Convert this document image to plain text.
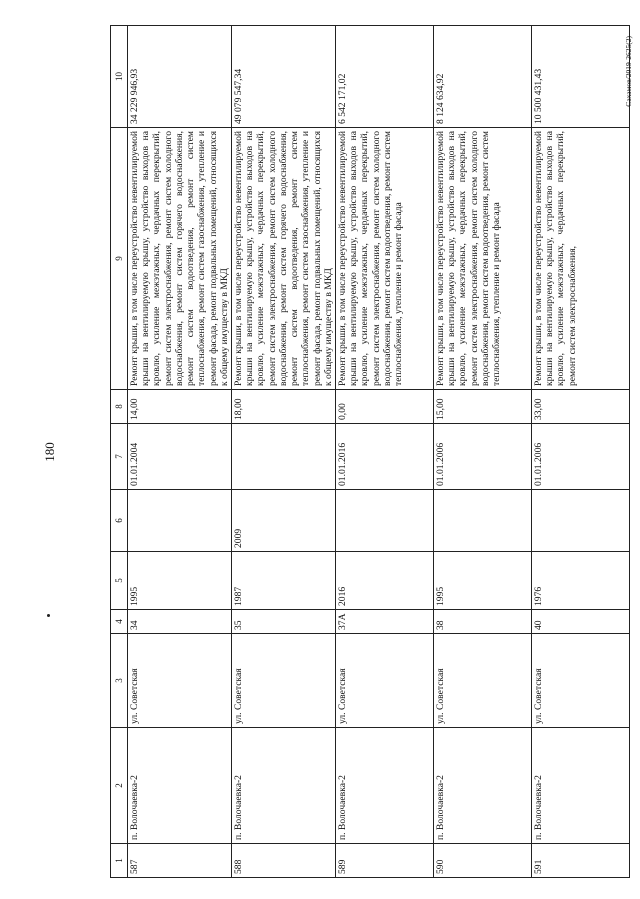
180
1	2	3	4	5	6	7	8	9	10
587	п. Волочаевка-2	ул. Советская	34	1995		01.01.2004	14,00	Ремонт крыши, в том числе переустройство невентилируемой крыши на вентилируемую крышу, устройство выходов на кровлю, усиление межэтажных, чердачных перекрытий, ремонт систем электроснабжения, ремонт систем холодного водоснабжения, ремонт систем горячего водоснабжения, ремонт систем водоотведения, ремонт систем теплоснабжения, ремонт систем газоснабжения, утепление и ремонт фасада, ремонт подвальных помещений, относящихся к общему имуществу в МКД	34 229 946,93
588	п. Волочаевка-2	ул. Советская	35	1987	2009		18,00	Ремонт крыши, в том числе переустройство невентилируемой крыши на вентилируемую крышу, устройство выходов на кровлю, усиление межэтажных, чердачных перекрытий, ремонт систем электроснабжения, ремонт систем холодного водоснабжения, ремонт систем горячего водоснабжения, ремонт систем водоотведения, ремонт систем теплоснабжения, ремонт систем газоснабжения, утепление и ремонт фасада, ремонт подвальных помещений, относящихся к общему имуществу в МКД	49 079 547,34
589	п. Волочаевка-2	ул. Советская	37А	2016		01.01.2016	0,00	Ремонт крыши, в том числе переустройство невентилируемой крыши на вентилируемую крышу, устройство выходов на кровлю, усиление межэтажных, чердачных перекрытий, ремонт систем электроснабжения, ремонт систем холодного водоснабжения, ремонт систем водоотведения, ремонт систем теплоснабжения, утепление и ремонт фасада	6 542 171,02
590	п. Волочаевка-2	ул. Советская	38	1995		01.01.2006	15,00	Ремонт крыши, в том числе переустройство невентилируемой крыши на вентилируемую крышу, устройство выходов на кровлю, усиление межэтажных, чердачных перекрытий, ремонт систем электроснабжения, ремонт систем холодного водоснабжения, ремонт систем водоотведения, ремонт систем теплоснабжения, утепление и ремонт фасада	8 124 634,92
591	п. Волочаевка-2	ул. Советская	40	1976		01.01.2006	33,00	Ремонт крыши, в том числе переустройство невентилируемой крыши на вентилируемую крышу, устройство выходов на кровлю, усиление межэтажных, чердачных перекрытий, ремонт систем электроснабжения,	10 500 431,43	Сахамов/2019-2625(2)
